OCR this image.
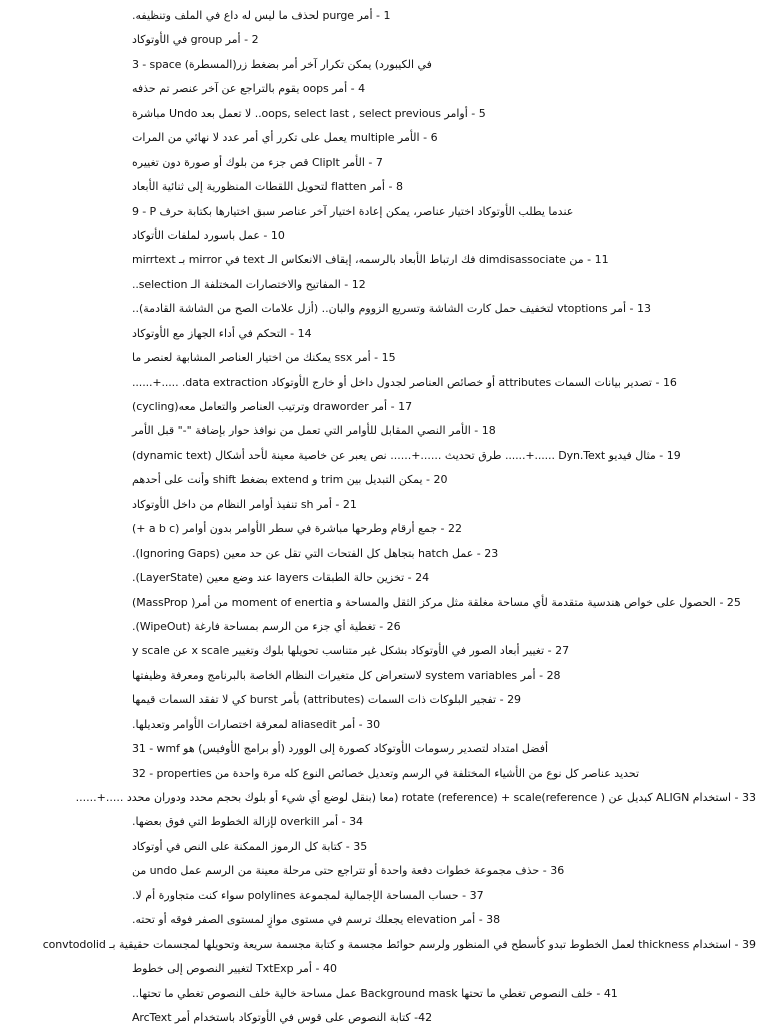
1 - أمر purge لحذف ما ليس له داع في الملف وتنظيفه.
2 - أمر group في الأوتوكاد
3 - space (المسطرة)في الكيبورد) يمكن تكرار آخر أمر بضغط زر
4 - أمر oops يقوم بالتراجع عن آخر عنصر تم حذفه
5 - أوامر oops, select last , select previous.. لا تعمل بعد Undo مباشرة
6 - الأمر multiple يعمل على تكرر أي أمر عدد لا نهائي من المرات
7 - الأمر ClipIt قص جزء من بلوك أو صورة دون تغييره
8 - أمر flatten لتحويل اللقطات المنظورية إلى ثنائية الأبعاد
9 - P عندما يطلب الأوتوكاد اختيار عناصر، يمكن إعادة اختيار آخر عناصر سبق اختيارها بكتابة حرف
10 - عمل باسورد لملفات الأتوكاد
11 - من dimdisassociate فك ارتباط الأبعاد بالرسمه، إيقاف الانعكاس الـ text في mirror بـ mirrtext
12 - المفاتيح والاختصارات المختلفة الـ selection..
13 - أمر vtoptions لتخفيف حمل كارت الشاشة وتسريع الزووم والبان.. (أزل علامات الصح من الشاشة القادمة)..
14 - التحكم في أداء الجهاز مع الأوتوكاد
15 - أمر ssx يمكنك من اختيار العناصر المشابهة لعنصر ما
16 - تصدير بيانات السمات attributes أو خصائص العناصر لجدول داخل أو خارج الأوتوكاد data extraction. .....+......
17 - أمر draworder وترتيب العناصر والتعامل معه(cycling)
18 - الأمر النصي المقابل للأوامر التي تعمل من نوافذ حوار بإضافة "-" قبل الأمر
19 - مثال فيديو Dyn.Text ......+...... طرق تحديث ......+...... نص يعبر عن خاصية معينة لأحد أشكال (dynamic text)
20 - يمكن التبديل بين trim و extend بضغط shift وأنت على أحدهم
21 - أمر sh تنفيذ أوامر النظام من داخل الأوتوكاد
22 - جمع أرقام وطرحها مباشرة في سطر الأوامر بدون أوامر (a b c +)
23 - عمل hatch بتجاهل كل الفتحات التي تقل عن حد معين (Ignoring Gaps).
24 - تخزين حالة الطبقات layers عند وضع معين (LayerState).
25 - الحصول على خواص هندسية متقدمة لأي مساحة مغلقة مثل مركز الثقل والمساحة و moment of enertia من أمر( MassProp)
26 - تغطية أي جزء من الرسم بمساحة فارغة (WipeOut).
27 - تغيير أبعاد الصور في الأوتوكاد بشكل غير متناسب تحويلها بلوك وتغيير x scale عن y scale
28 - أمر system variables لاستعراض كل متغيرات النظام الخاصة بالبرنامج ومعرفة وظيفتها
29 - تفجير البلوكات ذات السمات (attributes) بأمر burst كي لا تفقد السمات قيمها
30 - أمر aliasedit لمعرفة اختصارات الأوامر وتعديلها.
31 - wmf أفضل امتداد لتصدير رسومات الأوتوكاد كصورة إلى الوورد (أو برامج الأوفيس) هو
32 - properties تحديد عناصر كل نوع من الأشياء المختلفة في الرسم وتعديل خصائص النوع كله مرة واحدة من
33 - استخدام ALIGN كبديل عن ( rotate (reference) + scale(reference (معا (بنقل لوضع أي شيء أو بلوك بحجم محدد ودوران محدد .....+......
34 - أمر overkill لإزالة الخطوط التي فوق بعضها.
35 - كتابة كل الرموز الممكنة على النص في أوتوكاد
36 - حذف مجموعة خطوات دفعة واحدة أو تتراجع حتى مرحلة معينة من الرسم عمل undo من
37 - حساب المساحة الإجمالية لمجموعة polylines سواء كنت متجاورة أم لا.
38 - أمر elevation يجعلك ترسم في مستوى موازٍ لمستوى الصفر فوقه أو تحته.
39 - استخدام thickness لعمل الخطوط تبدو كأسطح في المنظور ولرسم حوائط مجسمة و كتابة مجسمة سريعة وتحويلها لمجسمات حقيقية بـ convtodolid
40 - أمر TxtExp لتغيير النصوص إلى خطوط
41 - خلف النصوص تغطي ما تحتها Background mask عمل مساحة خالية خلف النصوص تغطي ما تحتها..
42- كتابة النصوص على قوس في الأوتوكاد باستخدام أمر ArcText
